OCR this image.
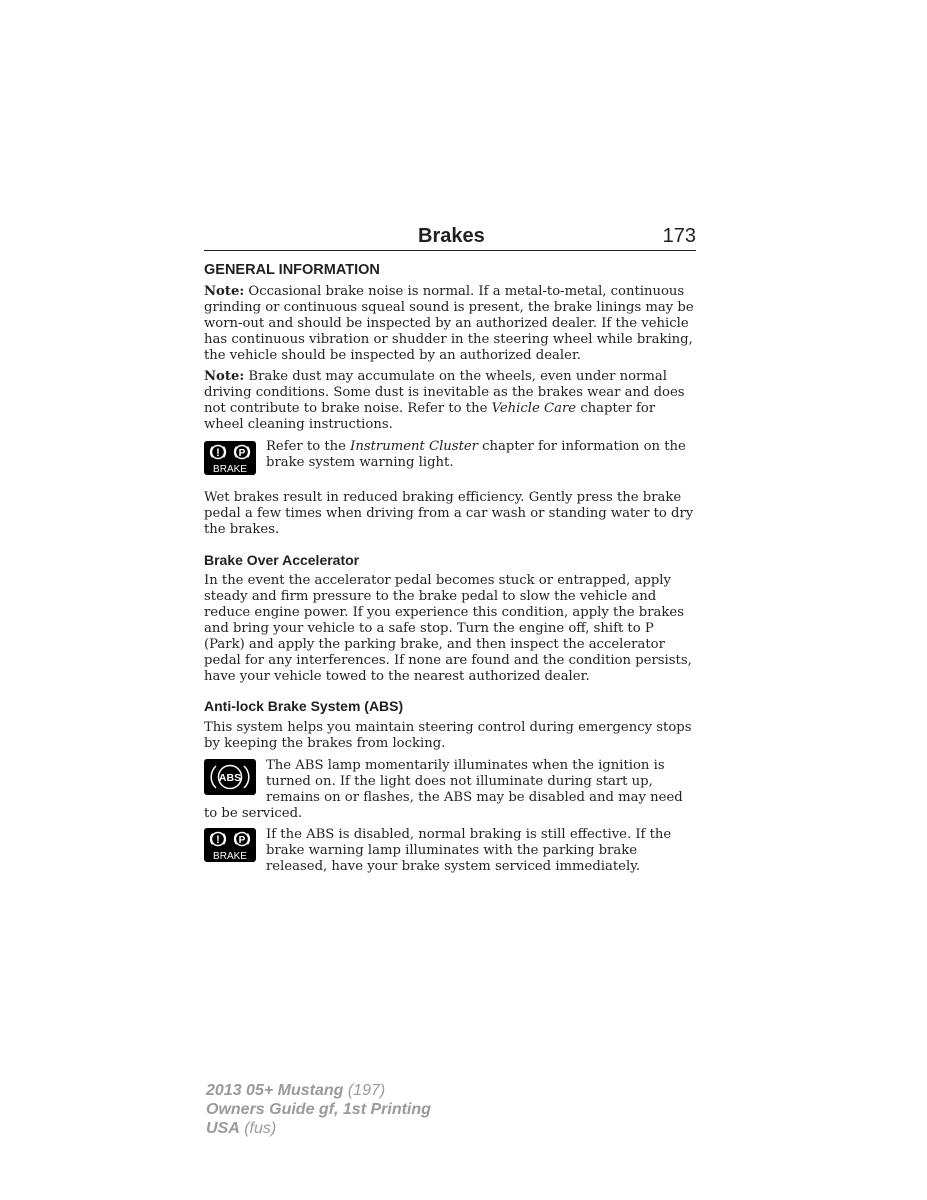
Brakes	173
GENERAL INFORMATION
Note: Occasional brake noise is normal. If a metal-to-metal, continuous grinding or continuous squeal sound is present, the brake linings may be worn-out and should be inspected by an authorized dealer. If the vehicle has continuous vibration or shudder in the steering wheel while braking, the vehicle should be inspected by an authorized dealer.
Note: Brake dust may accumulate on the wheels, even under normal driving conditions. Some dust is inevitable as the brakes wear and does not contribute to brake noise. Refer to the Vehicle Care chapter for wheel cleaning instructions.
! P
BRAKE
Refer to the Instrument Cluster chapter for information on the brake system warning light.
Wet brakes result in reduced braking efficiency. Gently press the brake pedal a few times when driving from a car wash or standing water to dry the brakes.
Brake Over Accelerator
In the event the accelerator pedal becomes stuck or entrapped, apply steady and firm pressure to the brake pedal to slow the vehicle and reduce engine power. If you experience this condition, apply the brakes and bring your vehicle to a safe stop. Turn the engine off, shift to P (Park) and apply the parking brake, and then inspect the accelerator pedal for any interferences. If none are found and the condition persists, have your vehicle towed to the nearest authorized dealer.
Anti-lock Brake System (ABS)
This system helps you maintain steering control during emergency stops by keeping the brakes from locking.
ABS
The ABS lamp momentarily illuminates when the ignition is
turned on. If the light does not illuminate during start up,
remains on or flashes, the ABS may be disabled and may need
to be serviced.
! P
BRAKE
If the ABS is disabled, normal braking is still effective. If the brake warning lamp illuminates with the parking brake released, have your brake system serviced immediately.
2013 05+ Mustang (197)
Owners Guide gf, 1st Printing
USA (fus)
